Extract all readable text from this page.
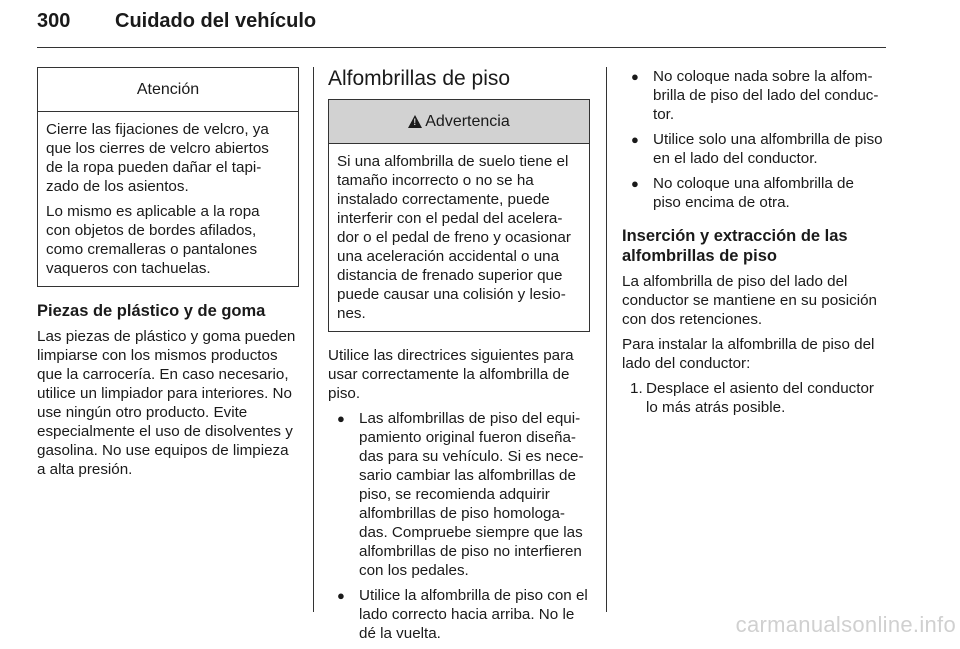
300 Cuidado del vehículo
Atención

Cierre las fijaciones de velcro, ya que los cierres de velcro abiertos de la ropa pueden dañar el tapi-zado de los asientos.

Lo mismo es aplicable a la ropa con objetos de bordes afilados, como cremalleras o pantalones vaqueros con tachuelas.

Piezas de plástico y de goma

Las piezas de plástico y goma pueden limpiarse con los mismos productos que la carrocería. En caso necesario, utilice un limpiador para interiores. No use ningún otro producto. Evite especialmente el uso de disolventes y gasolina. No use equipos de limpieza a alta presión.

Alfombrillas de piso
!
Advertencia

Si una alfombrilla de suelo tiene el tamaño incorrecto o no se ha instalado correctamente, puede interferir con el pedal del acelera-dor o el pedal de freno y ocasionar una aceleración accidental o una distancia de frenado superior que puede causar una colisión y lesio-nes.

Utilice las directrices siguientes para usar correctamente la alfombrilla de piso.

● Las alfombrillas de piso del equi-pamiento original fueron diseña-das para su vehículo. Si es nece-sario cambiar las alfombrillas de piso, se recomienda adquirir alfombrillas de piso homologa-das. Compruebe siempre que las alfombrillas de piso no interfieren con los pedales.
● Utilice la alfombrilla de piso con el lado correcto hacia arriba. No le dé la vuelta.
● No coloque nada sobre la alfom-brilla de piso del lado del conduc-tor.
● Utilice solo una alfombrilla de piso en el lado del conductor.
● No coloque una alfombrilla de piso encima de otra.
Inserción y extracción de las alfombrillas de piso

La alfombrilla de piso del lado del conductor se mantiene en su posición con dos retenciones.

Para instalar la alfombrilla de piso del lado del conductor:

1. Desplace el asiento del conductor lo más atrás posible.
carmanualsonline.info
